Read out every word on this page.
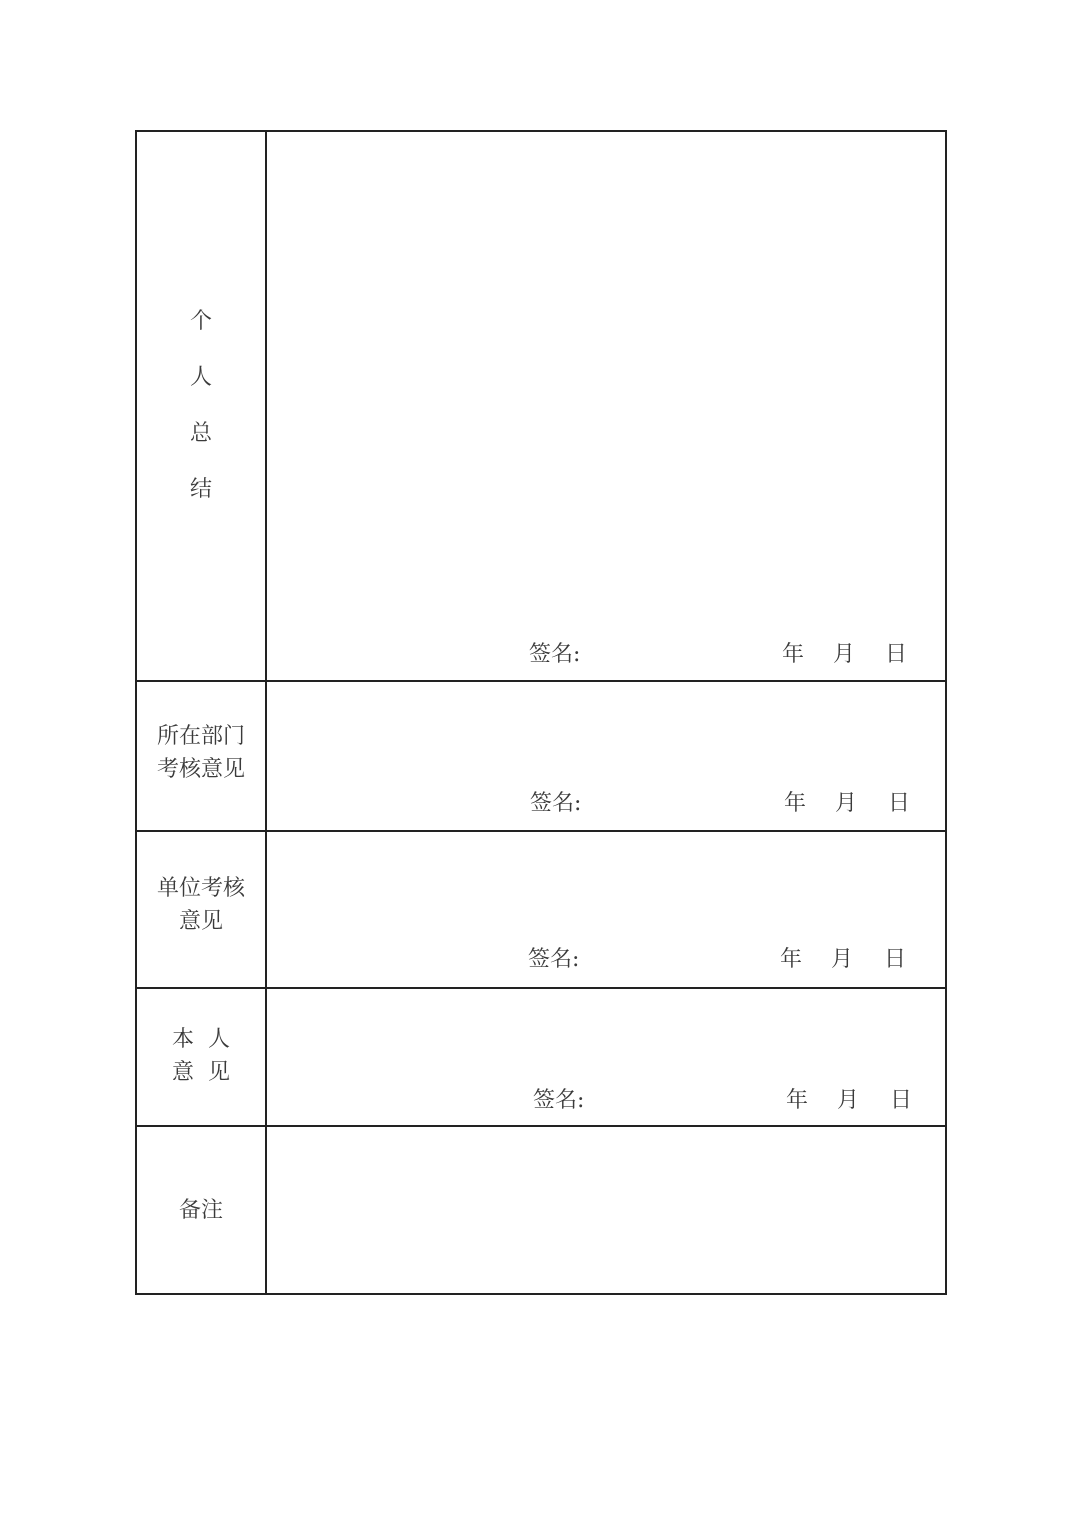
个
人
总
结
签名:	年 月 日
所在部门
考核意见
签名:	年 月 日
单位考核
意见
签名:	年 月 日
本  人
意  见
签名:	年 月 日
备注
